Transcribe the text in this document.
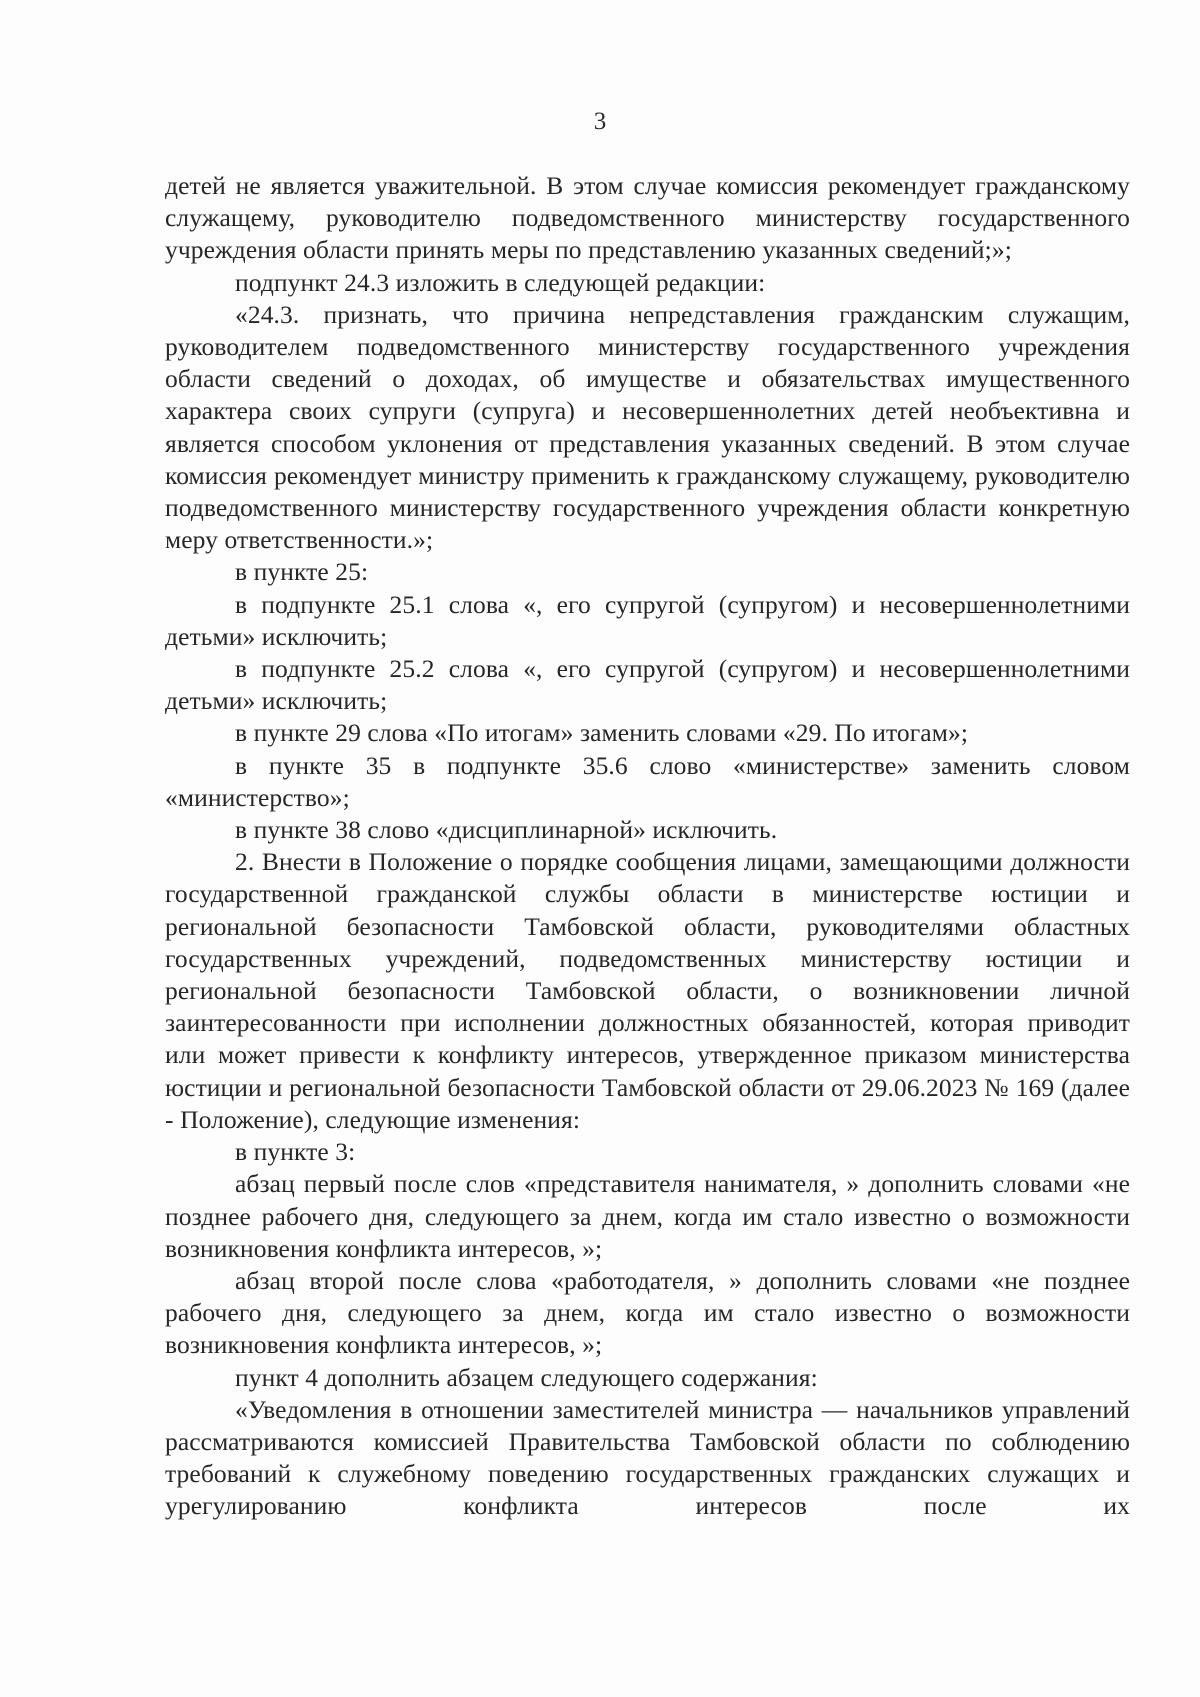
3

детей не является уважительной. В этом случае комиссия рекомендует гражданскому служащему, руководителю подведомственного министерству государственного учреждения области принять меры по представлению указанных сведений;»;

подпункт 24.3 изложить в следующей редакции:

«24.3. признать, что причина непредставления гражданским служащим, руководителем подведомственного министерству государственного учреждения области сведений о доходах, об имуществе и обязательствах имущественного характера своих супруги (супруга) и несовершеннолетних детей необъективна и является способом уклонения от представления указанных сведений. В этом случае комиссия рекомендует министру применить к гражданскому служащему, руководителю подведомственного министерству государственного учреждения области конкретную меру ответственности.»;

в пункте 25:

в подпункте 25.1 слова «, его супругой (супругом) и несовершеннолетними детьми» исключить;

в подпункте 25.2 слова «, его супругой (супругом) и несовершеннолетними детьми» исключить;

в пункте 29 слова «По итогам» заменить словами «29. По итогам»;

в пункте 35 в подпункте 35.6 слово «министерстве» заменить словом «министерство»;

в пункте 38 слово «дисциплинарной» исключить.

2. Внести в Положение о порядке сообщения лицами, замещающими должности государственной гражданской службы области в министерстве юстиции и региональной безопасности Тамбовской области, руководителями областных государственных учреждений, подведомственных министерству юстиции и региональной безопасности Тамбовской области, о возникновении личной заинтересованности при исполнении должностных обязанностей, которая приводит или может привести к конфликту интересов, утвержденное приказом министерства юстиции и региональной безопасности Тамбовской области от 29.06.2023 № 169 (далее - Положение), следующие изменения:

в пункте 3:

абзац первый после слов «представителя нанимателя, » дополнить словами «не позднее рабочего дня, следующего за днем, когда им стало известно о возможности возникновения конфликта интересов, »;

абзац второй после слова «работодателя, » дополнить словами «не позднее рабочего дня, следующего за днем, когда им стало известно о возможности возникновения конфликта интересов, »;

пункт 4 дополнить абзацем следующего содержания:

«Уведомления в отношении заместителей министра — начальников управлений рассматриваются комиссией Правительства Тамбовской области по соблюдению требований к служебному поведению государственных гражданских служащих и урегулированию конфликта интересов после их
